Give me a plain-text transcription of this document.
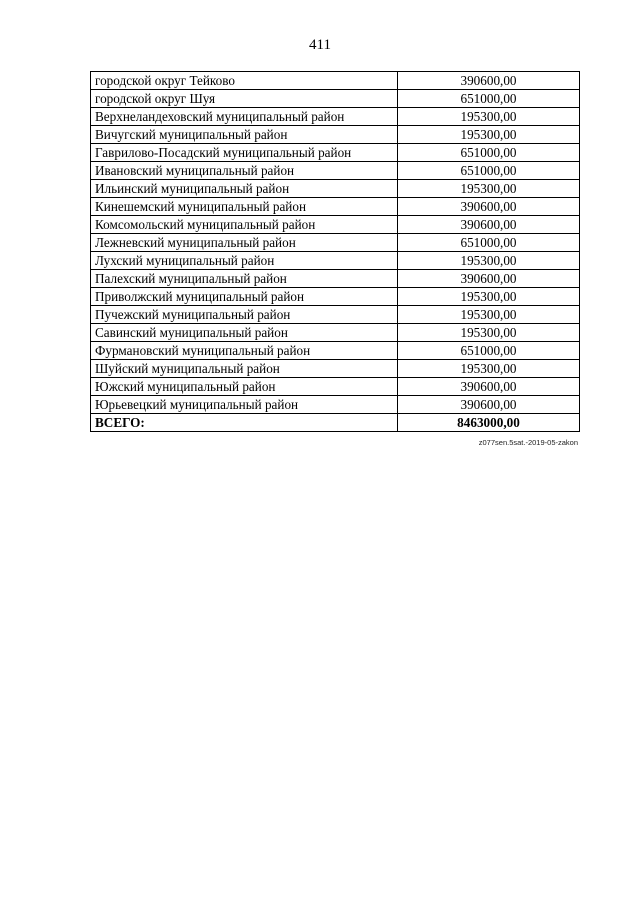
411
городской округ Тейково	390600,00
городской округ Шуя	651000,00
Верхнеландеховский муниципальный район	195300,00
Вичугский муниципальный район	195300,00
Гаврилово-Посадский муниципальный район	651000,00
Ивановский муниципальный район	651000,00
Ильинский муниципальный район	195300,00
Кинешемский муниципальный район	390600,00
Комсомольский муниципальный район	390600,00
Лежневский муниципальный район	651000,00
Лухский муниципальный район	195300,00
Палехский муниципальный район	390600,00
Приволжский муниципальный район	195300,00
Пучежский муниципальный район	195300,00
Савинский муниципальный район	195300,00
Фурмановский муниципальный район	651000,00
Шуйский муниципальный район	195300,00
Южский муниципальный район	390600,00
Юрьевецкий муниципальный район	390600,00
ВСЕГО:	8463000,00
z077sen.5sat.-2019-05-zakon
